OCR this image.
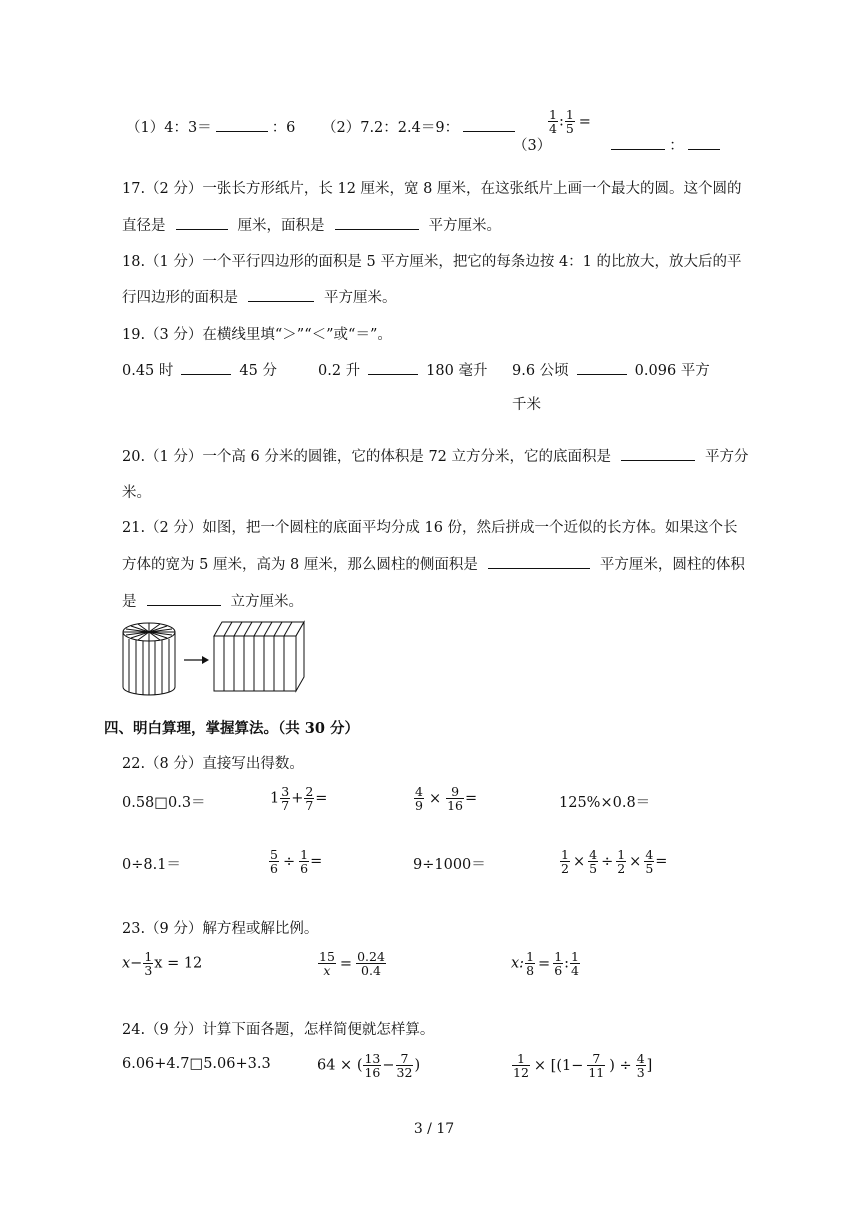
（1）4：3＝	：6 （2）7.2：2.4＝9：	$\frac{1}{4}$ : $\frac{1}{5}$ =
（3）	：
17.（2 分）一张长方形纸片，长 12 厘米，宽 8 厘米，在这张纸片上画一个最大的圆。这个圆的
直径是	厘米，面积是	平方厘米。
18.（1 分）一个平行四边形的面积是 5 平方厘米，把它的每条边按 4：1 的比放大，放大后的平
行四边形的面积是	平方厘米。
19.（3 分）在横线里填“＞”“＜”或“＝”。
0.45 时	45 分	0.2 升	180 毫升 9.6 公顷	0.096 平方
千米
20.（1 分）一个高 6 分米的圆锥，它的体积是 72 立方分米，它的底面积是	平方分
米。
21.（2 分）如图，把一个圆柱的底面平均分成 16 份，然后拼成一个近似的长方体。如果这个长
方体的宽为 5 厘米，高为 8 厘米，那么圆柱的侧面积是	平方厘米，圆柱的体积
是	立方厘米。
四、明白算理，掌握算法。（共 30 分）
22.（8 分）直接写出得数。
0.58□0.3＝	$1 \frac{3}{7} + \frac{2}{7}$ =	$\frac{4}{9} \times \frac{9}{16}$ =	125%×0.8＝
0÷8.1＝	$\frac{5}{6} \div \frac{1}{6}$ =	9÷1000＝	$\frac{1}{2} \times \frac{4}{5} \div \frac{1}{2} \times \frac{4}{5}$ =
23.（9 分）解方程或解比例。
$x- \frac{1}{3}$ x = 12	$\frac{15}{x} = \frac{0.24}{0.4}$	x: $\frac{1}{8} = \frac{1}{6}$ : $\frac{1}{4}$
24.（9 分）计算下面各题，怎样简便就怎样算。
6.06+4.7□5.06+3.3	64 × ( $\frac{13}{16} - \frac{7}{32}$ )	$\frac{1}{12} \times [(1- \frac{7}{11}$ ) ÷ $\frac{4}{3}$ ]
3 / 17
